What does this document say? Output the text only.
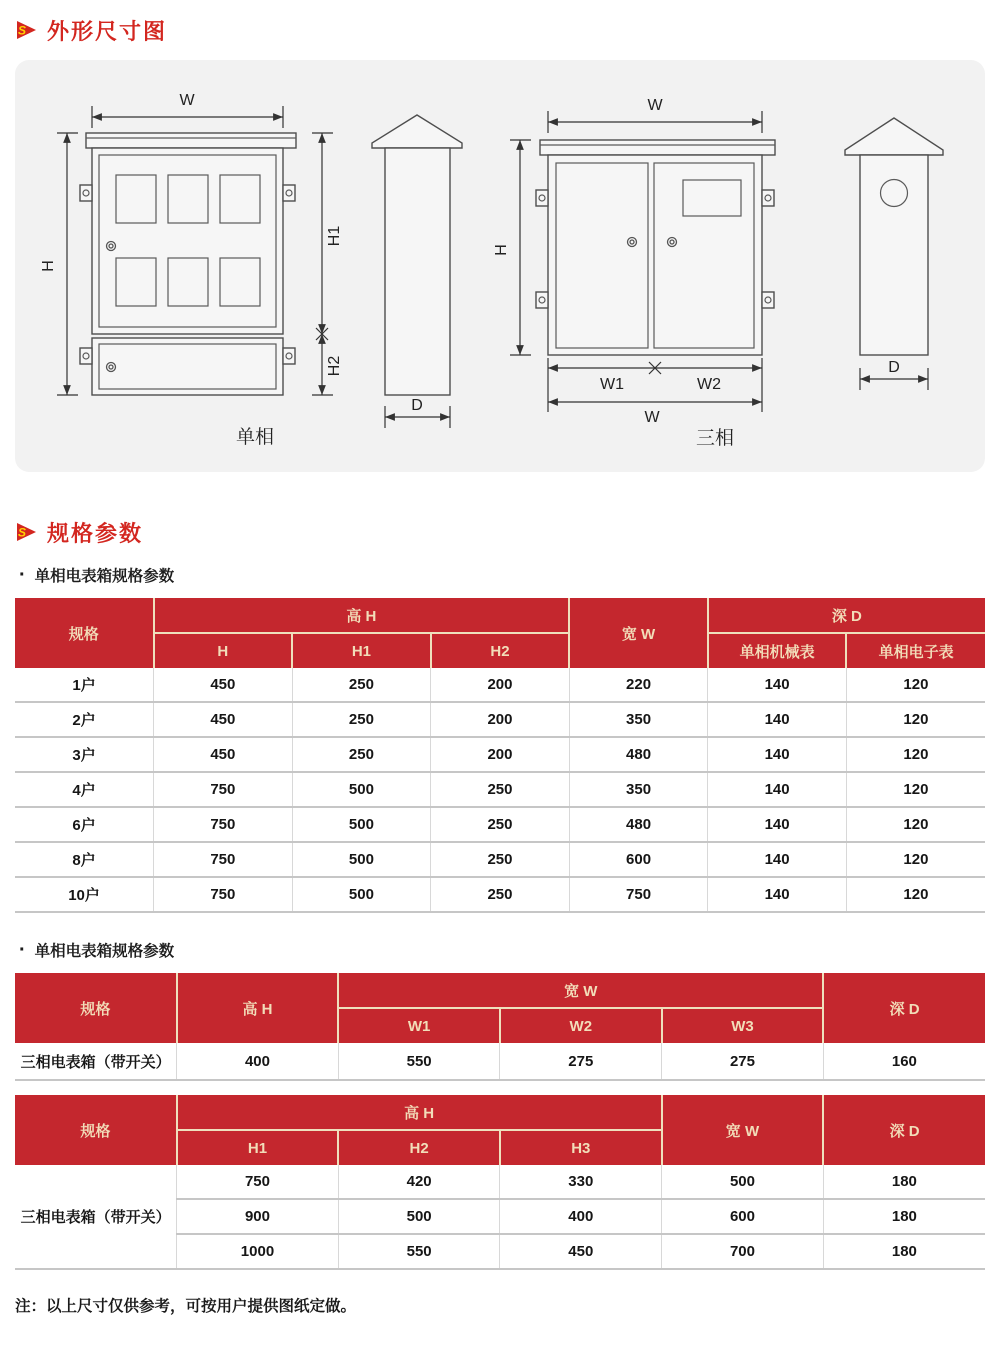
S 外形尺寸图
W
H
H1
H2
单相
D
W
H
W1	W2
W
三相
D
S 规格参数
· 单相电表箱规格参数
规格	高 H			宽 W	深 D	
	H	H1	H2		单相机械表	单相电子表
1户	450	250	200	220	140	120
2户	450	250	200	350	140	120
3户	450	250	200	480	140	120
4户	750	500	250	350	140	120
6户	750	500	250	480	140	120
8户	750	500	250	600	140	120
10户	750	500	250	750	140	120
· 单相电表箱规格参数
规格	高 H	宽 W			深 D
		W1	W2	W3	
三相电表箱（带开关）	400	550	275	275	160
规格	高 H			宽 W	深 D
	H1	H2	H3		
三相电表箱（带开关）	750	420	330	500	180
	900	500	400	600	180
	1000	550	450	700	180
注：以上尺寸仅供参考，可按用户提供图纸定做。
